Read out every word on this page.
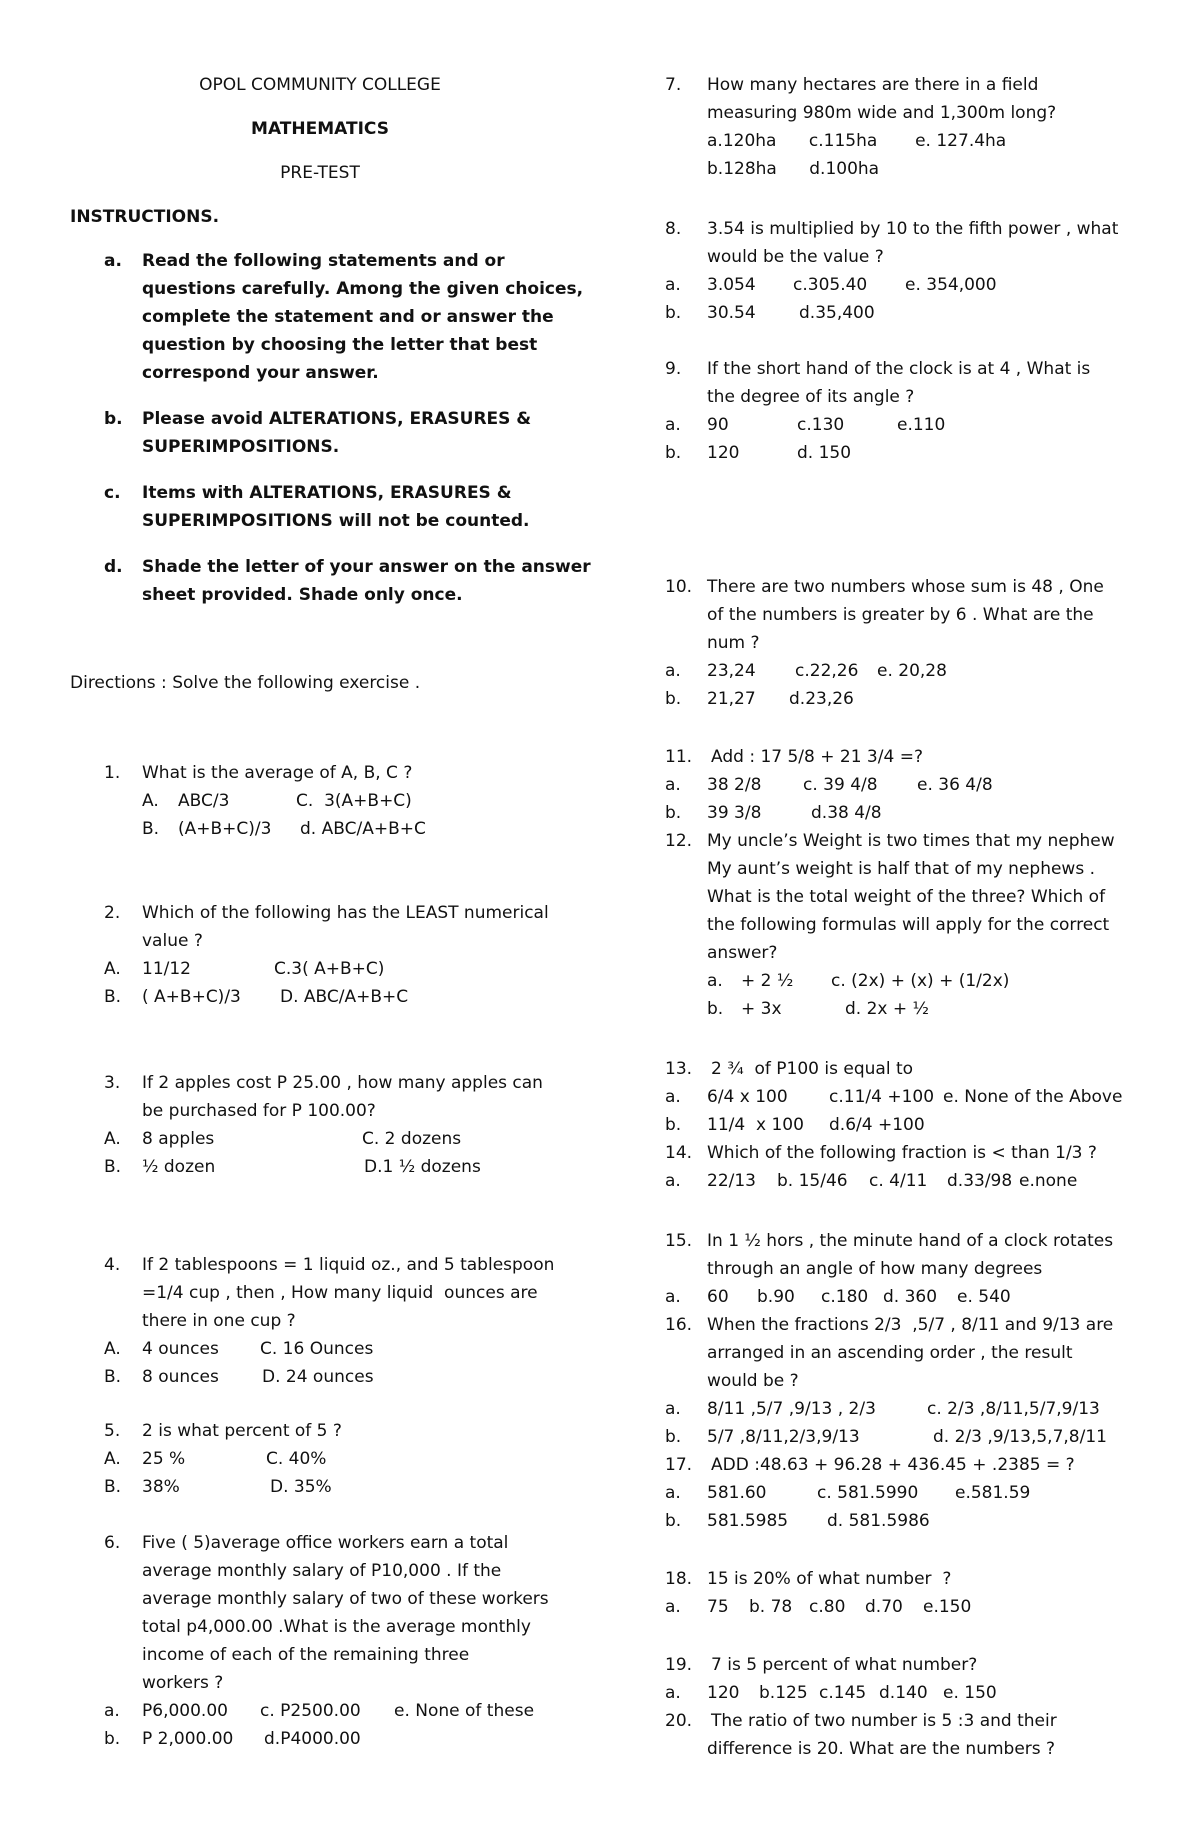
OPOL COMMUNITY COLLEGE
MATHEMATICS
PRE-TEST
INSTRUCTIONS.
a. Read the following statements and or
questions carefully. Among the given choices,
complete the statement and or answer the
question by choosing the letter that best
correspond your answer.
b. Please avoid ALTERATIONS, ERASURES &
SUPERIMPOSITIONS.
c. Items with ALTERATIONS, ERASURES &
SUPERIMPOSITIONS will not be counted.
d. Shade the letter of your answer on the answer
sheet provided. Shade only once.
Directions : Solve the following exercise .
1. What is the average of A, B, C ?
A. ABC/3	C.  3(A+B+C)
B. (A+B+C)/3 d. ABC/A+B+C
2. Which of the following has the LEAST numerical
value ?
A. 11/12	C.3( A+B+C)
B. ( A+B+C)/3 D. ABC/A+B+C
3. If 2 apples cost P 25.00 , how many apples can
be purchased for P 100.00?
A. 8 apples	C. 2 dozens
B. ½ dozen	D.1 ½ dozens
4. If 2 tablespoons = 1 liquid oz., and 5 tablespoon
=1/4 cup , then , How many liquid  ounces are
there in one cup ?
A. 4 ounces C. 16 Ounces
B. 8 ounces	D. 24 ounces
5. 2 is what percent of 5 ?
A. 25 %	C. 40%
B. 38%	D. 35%
6. Five ( 5)average office workers earn a total
average monthly salary of P10,000 . If the
average monthly salary of two of these workers
total p4,000.00 .What is the average monthly
income of each of the remaining three
workers ?
a. P6,000.00 c. P2500.00 e. None of these
b. P 2,000.00 d.P4000.00
7. How many hectares are there in a field
measuring 980m wide and 1,300m long?
a.120ha      c.115ha       e. 127.4ha
b.128ha      d.100ha
8. 3.54 is multiplied by 10 to the fifth power , what
would be the value ?
a. 3.054 c.305.40 e. 354,000
b. 30.54	d.35,400
9. If the short hand of the clock is at 4 , What is
the degree of its angle ?
a. 90	c.130	e.110
b. 120	d. 150
10. There are two numbers whose sum is 48 , One
of the numbers is greater by 6 . What are the
num ?
a. 23,24 c.22,26 e. 20,28
b. 21,27 d.23,26
11. Add : 17 5/8 + 21 3/4 =?
a. 38 2/8 c. 39 4/8 e. 36 4/8
b. 39 3/8	d.38 4/8
12. My uncle’s Weight is two times that my nephew
My aunt’s weight is half that of my nephews .
What is the total weight of the three? Which of
the following formulas will apply for the correct
answer?
a. + 2 ½ c. (2x) + (x) + (1/2x)
b. + 3x	d. 2x + ½
13. 2 ¾  of P100 is equal to
a. 6/4 x 100 c.11/4 +100 e. None of the Above
b. 11/4  x 100 d.6/4 +100
14. Which of the following fraction is < than 1/3 ?
a. 22/13 b. 15/46 c. 4/11 d.33/98 e.none
15. In 1 ½ hors , the minute hand of a clock rotates
through an angle of how many degrees
a. 60 b.90 c.180 d. 360 e. 540
16. When the fractions 2/3  ,5/7 , 8/11 and 9/13 are
arranged in an ascending order , the result
would be ?
a. 8/11 ,5/7 ,9/13 , 2/3	c. 2/3 ,8/11,5/7,9/13
b. 5/7 ,8/11,2/3,9/13	d. 2/3 ,9/13,5,7,8/11
17. ADD :48.63 + 96.28 + 436.45 + .2385 = ?
a. 581.60	c. 581.5990 e.581.59
b. 581.5985 d. 581.5986
18. 15 is 20% of what number  ?
a. 75 b. 78 c.80 d.70 e.150
19. 7 is 5 percent of what number?
a. 120 b.125 c.145 d.140 e. 150
20. The ratio of two number is 5 :3 and their
difference is 20. What are the numbers ?
